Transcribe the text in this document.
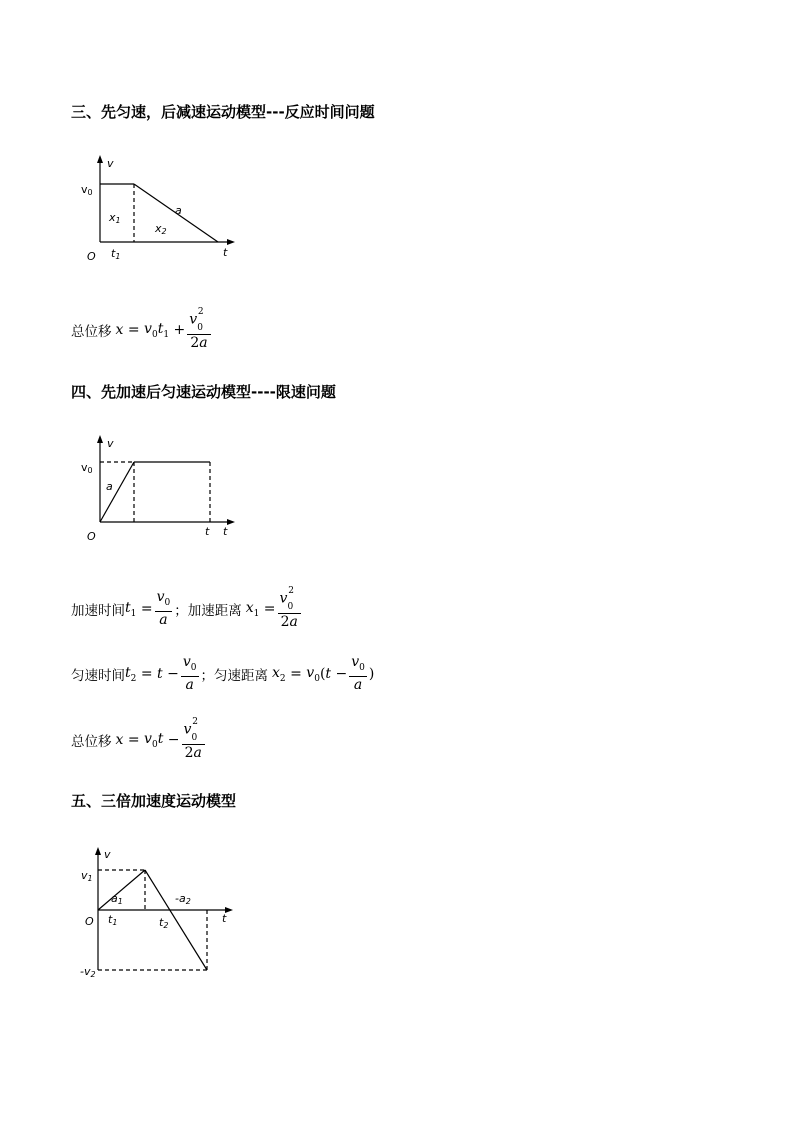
三、先匀速，后减速运动模型---反应时间问题
v
v0
x1
a
x2
O t1	t
总位移 $x = v_0t_1 + \frac{v_0^2}{2a}$
四、先加速后匀速运动模型----限速问题
v
v0
a
O	t t
加速时间 $t_1 = \frac{v_0}{a}$ ； 加速距离 $x_1 = \frac{v_0^2}{2a}$
匀速时间 $t_2 = t - \frac{v_0}{a}$ ； 匀速距离 $x_2 = v_0$ ( $t - \frac{v_0}{a}$ )
总位移 $x = v_0t - \frac{v_0^2}{2a}$
五、三倍加速度运动模型
v
v1
a1	-a2
O t1	t2
t
-v2
